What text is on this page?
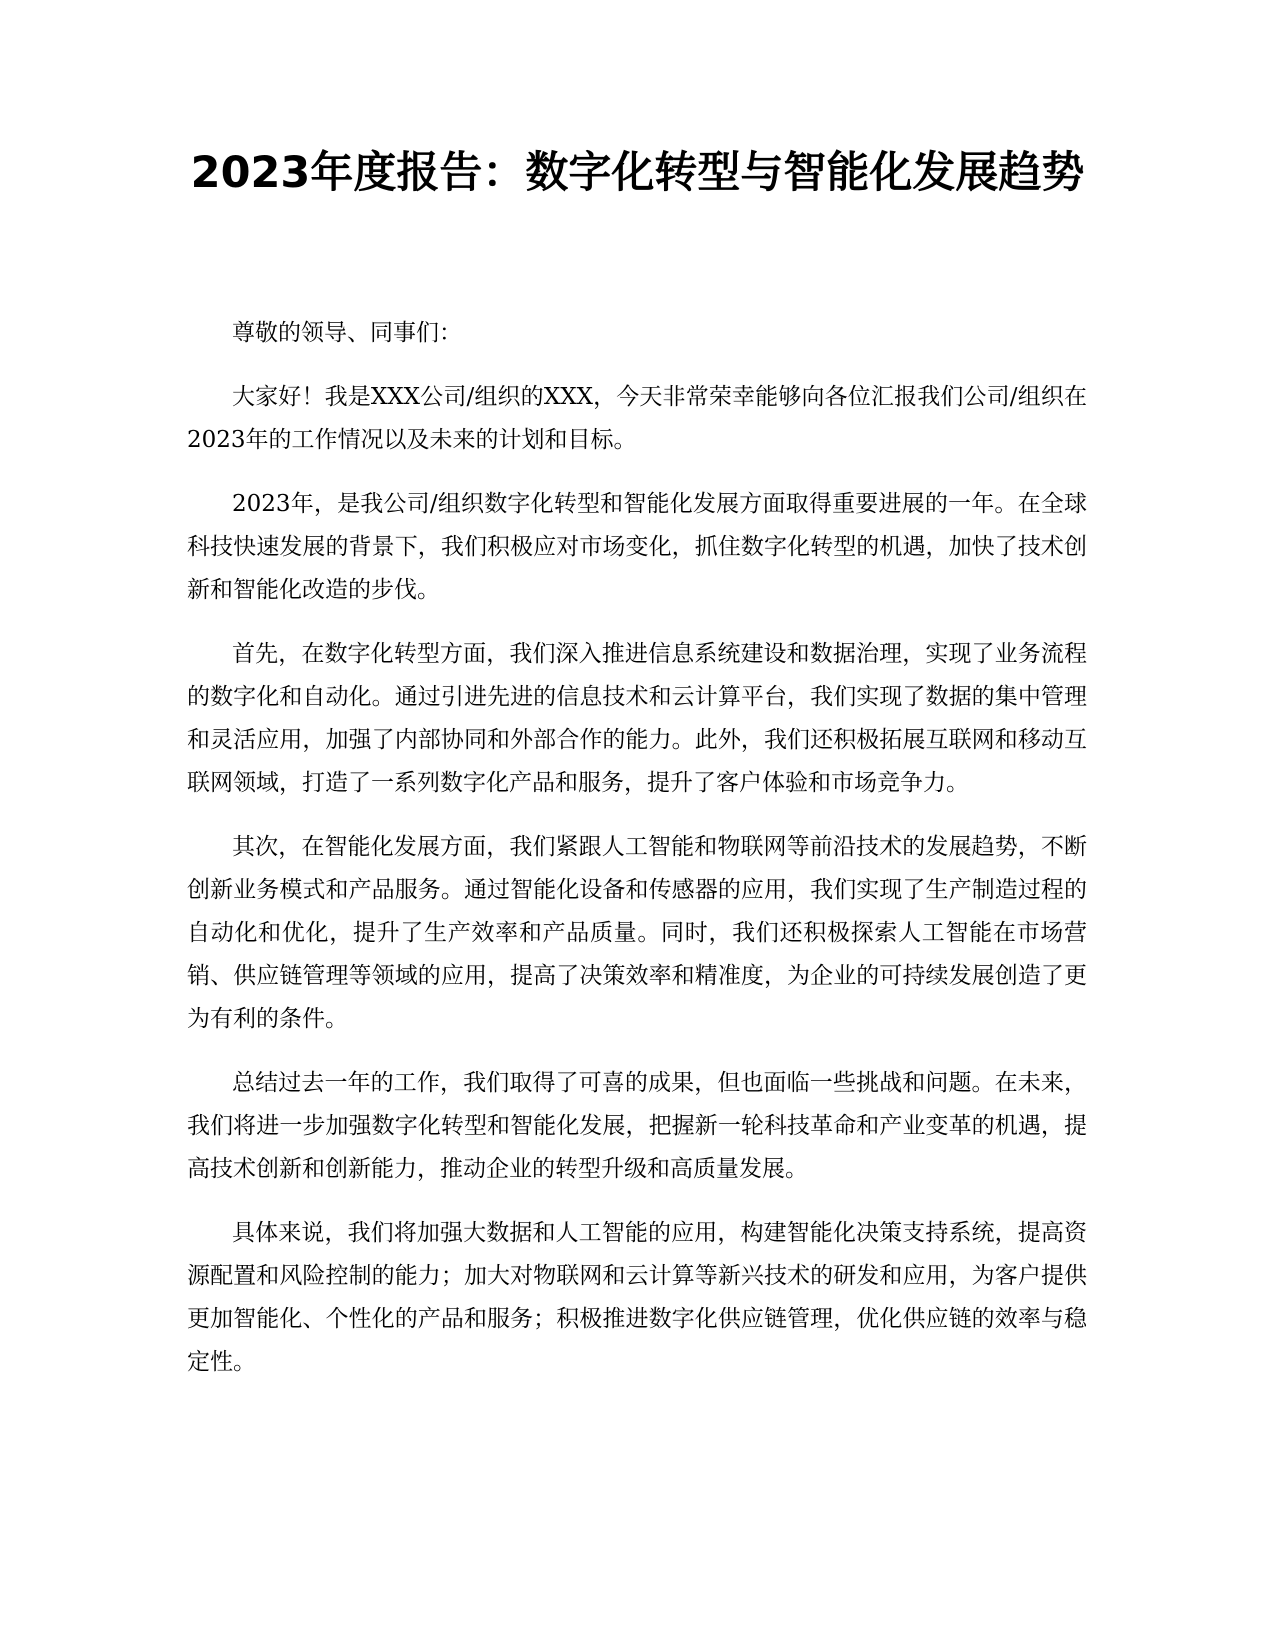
2023年度报告：数字化转型与智能化发展趋势

尊敬的领导、同事们：

大家好！我是XXX公司/组织的XXX，今天非常荣幸能够向各位汇报我们公司/组织在2023年的工作情况以及未来的计划和目标。

2023年，是我公司/组织数字化转型和智能化发展方面取得重要进展的一年。在全球科技快速发展的背景下，我们积极应对市场变化，抓住数字化转型的机遇，加快了技术创新和智能化改造的步伐。

首先，在数字化转型方面，我们深入推进信息系统建设和数据治理，实现了业务流程的数字化和自动化。通过引进先进的信息技术和云计算平台，我们实现了数据的集中管理和灵活应用，加强了内部协同和外部合作的能力。此外，我们还积极拓展互联网和移动互联网领域，打造了一系列数字化产品和服务，提升了客户体验和市场竞争力。

其次，在智能化发展方面，我们紧跟人工智能和物联网等前沿技术的发展趋势，不断创新业务模式和产品服务。通过智能化设备和传感器的应用，我们实现了生产制造过程的自动化和优化，提升了生产效率和产品质量。同时，我们还积极探索人工智能在市场营销、供应链管理等领域的应用，提高了决策效率和精准度，为企业的可持续发展创造了更为有利的条件。

总结过去一年的工作，我们取得了可喜的成果，但也面临一些挑战和问题。在未来，我们将进一步加强数字化转型和智能化发展，把握新一轮科技革命和产业变革的机遇，提高技术创新和创新能力，推动企业的转型升级和高质量发展。

具体来说，我们将加强大数据和人工智能的应用，构建智能化决策支持系统，提高资源配置和风险控制的能力；加大对物联网和云计算等新兴技术的研发和应用，为客户提供更加智能化、个性化的产品和服务；积极推进数字化供应链管理，优化供应链的效率与稳定性。
